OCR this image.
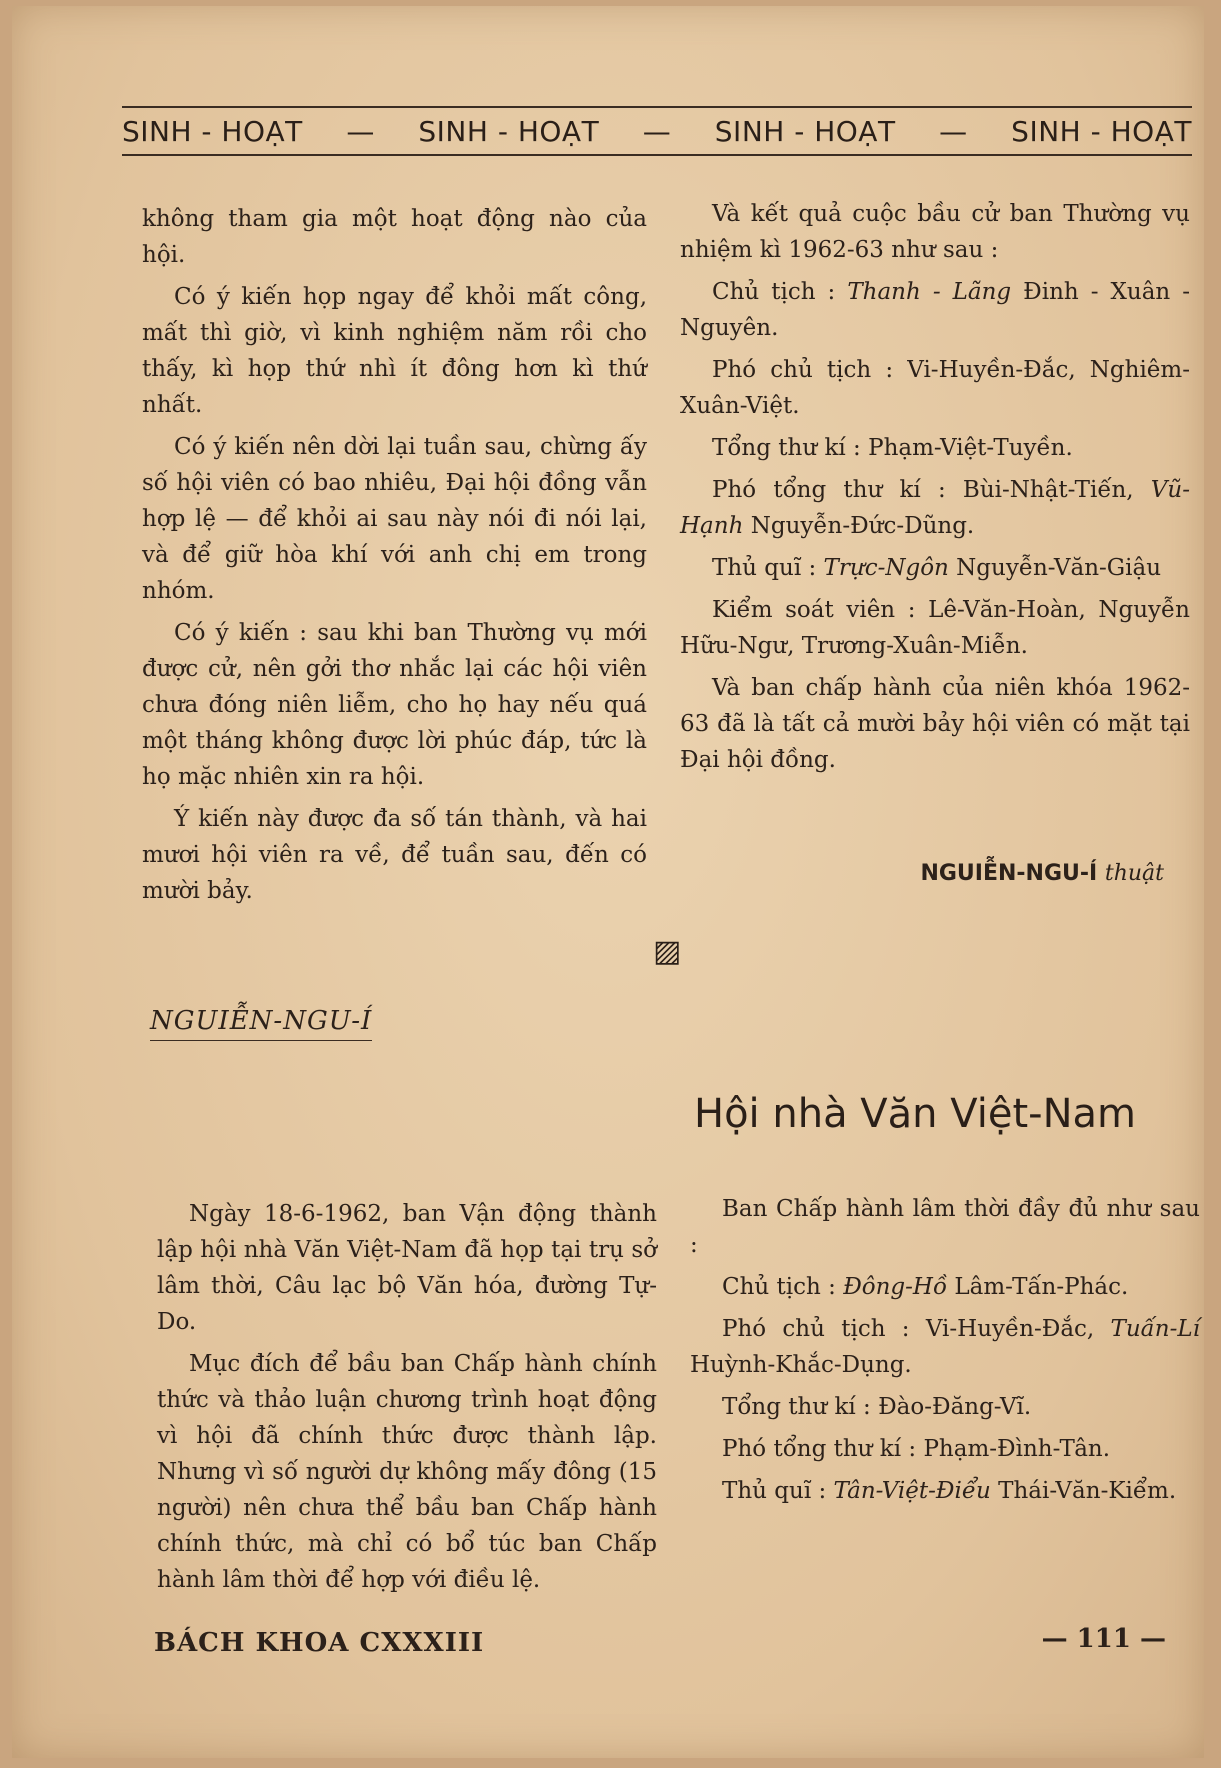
SINH - HOẠT — SINH - HOẠT — SINH - HOẠT — SINH - HOẠT

không tham gia một hoạt động nào của hội.

Có ý kiến họp ngay để khỏi mất công, mất thì giờ, vì kinh nghiệm năm rồi cho thấy, kì họp thứ nhì ít đông hơn kì thứ nhất.

Có ý kiến nên dời lại tuần sau, chừng ấy số hội viên có bao nhiêu, Đại hội đồng vẫn hợp lệ — để khỏi ai sau này nói đi nói lại, và để giữ hòa khí với anh chị em trong nhóm.

Có ý kiến : sau khi ban Thường vụ mới được cử, nên gởi thơ nhắc lại các hội viên chưa đóng niên liễm, cho họ hay nếu quá một tháng không được lời phúc đáp, tức là họ mặc nhiên xin ra hội.

Ý kiến này được đa số tán thành, và hai mươi hội viên ra về, để tuần sau, đến có mười bảy.

Và kết quả cuộc bầu cử ban Thường vụ nhiệm kì 1962-63 như sau :

Chủ tịch : Thanh - Lãng Đinh - Xuân - Nguyên.

Phó chủ tịch : Vi-Huyền-Đắc, Nghiêm-Xuân-Việt.

Tổng thư kí : Phạm-Việt-Tuyền.

Phó tổng thư kí : Bùi-Nhật-Tiến, Vũ-Hạnh Nguyễn-Đức-Dũng.

Thủ quĩ : Trực-Ngôn Nguyễn-Văn-Giậu

Kiểm soát viên : Lê-Văn-Hoàn, Nguyễn Hữu-Ngư, Trương-Xuân-Miễn.

Và ban chấp hành của niên khóa 1962-63 đã là tất cả mười bảy hội viên có mặt tại Đại hội đồng.

NGUIỄN-NGU-Í thuật
▨
NGUIỄN-NGU-Í
Hội nhà Văn Việt-Nam

Ngày 18-6-1962, ban Vận động thành lập hội nhà Văn Việt-Nam đã họp tại trụ sở lâm thời, Câu lạc bộ Văn hóa, đường Tự-Do.

Mục đích để bầu ban Chấp hành chính thức và thảo luận chương trình hoạt động vì hội đã chính thức được thành lập. Nhưng vì số người dự không mấy đông (15 người) nên chưa thể bầu ban Chấp hành chính thức, mà chỉ có bổ túc ban Chấp hành lâm thời để hợp với điều lệ.

Ban Chấp hành lâm thời đầy đủ như sau :

Chủ tịch : Đông-Hồ Lâm-Tấn-Phác.

Phó chủ tịch : Vi-Huyền-Đắc, Tuấn-Lí Huỳnh-Khắc-Dụng.

Tổng thư kí : Đào-Đăng-Vĩ.

Phó tổng thư kí : Phạm-Đình-Tân.

Thủ quĩ : Tân-Việt-Điểu Thái-Văn-Kiểm.

BÁCH KHOA CXXXIII	— 111 —
